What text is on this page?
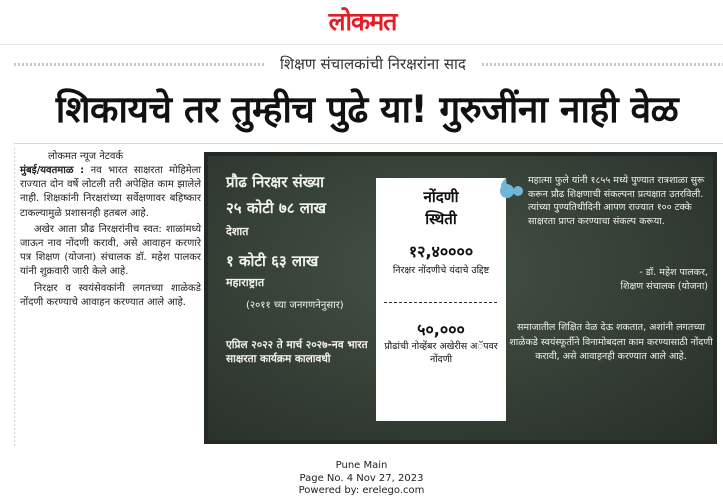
लोकमत
शिक्षण संचालकांची निरक्षरांना साद
शिकायचे तर तुम्हीच पुढे या! गुरुजींना नाही वेळ
लोकमत न्यूज नेटवर्क

मुंबई/यवतमाळ : नव भारत साक्षरता मोहिमेला राज्यात दोन वर्षे लोटली तरी अपेक्षित काम झालेले नाही. शिक्षकांनी निरक्षरांच्या सर्वेक्षणावर बहिष्कार टाकल्यामुळे प्रशासनही हतबल आहे.

अखेर आता प्रौढ निरक्षरांनीच स्वत: शाळांमध्ये जाऊन नाव नोंदणी करावी, असे आवाहन करणारे पत्र शिक्षण (योजना) संचालक डॉ. महेश पालकर यांनी शुक्रवारी जारी केले आहे.

निरक्षर व स्वयंसेवकांनी लगतच्या शाळेकडे नोंदणी करण्याचे आवाहन करण्यात आले आहे.

प्रौढ निरक्षर संख्या
२५ कोटी ७८ लाख
देशात
१ कोटी ६३ लाख
महाराष्ट्रात
(२०११ च्या जनगणनेनुसार)
एप्रिल २०२२ ते मार्च २०२७-नव भारत साक्षरता कार्यक्रम कालावधी
नोंदणी
स्थिती
१२,४००००
निरक्षर नोंदणीचे यंदाचे उद्दिष्ट
५०,०००
प्रौढांची नोव्हेंबर अखेरीस अॅपवर नोंदणी
महात्मा फुले यांनी १८५५ मध्ये पुण्यात रात्रशाळा सुरू करून प्रौढ शिक्षणाची संकल्पना प्रत्यक्षात उतरविली. त्यांच्या पुण्यतिथीदिनी आपण राज्यात १०० टक्के साक्षरता प्राप्त करण्याचा संकल्प करूया.
- डॉ. महेश पालकर,
शिक्षण संचालक (योजना)
समाजातील शिक्षित वेळ देऊ शकतात, अशांनी लगतच्या शाळेकडे स्वयंस्फूर्तीने विनामोबदला काम करण्यासाठी नोंदणी करावी, असे आवाहनही करण्यात आले आहे.
Pune Main
Page No. 4 Nov 27, 2023
Powered by: erelego.com
